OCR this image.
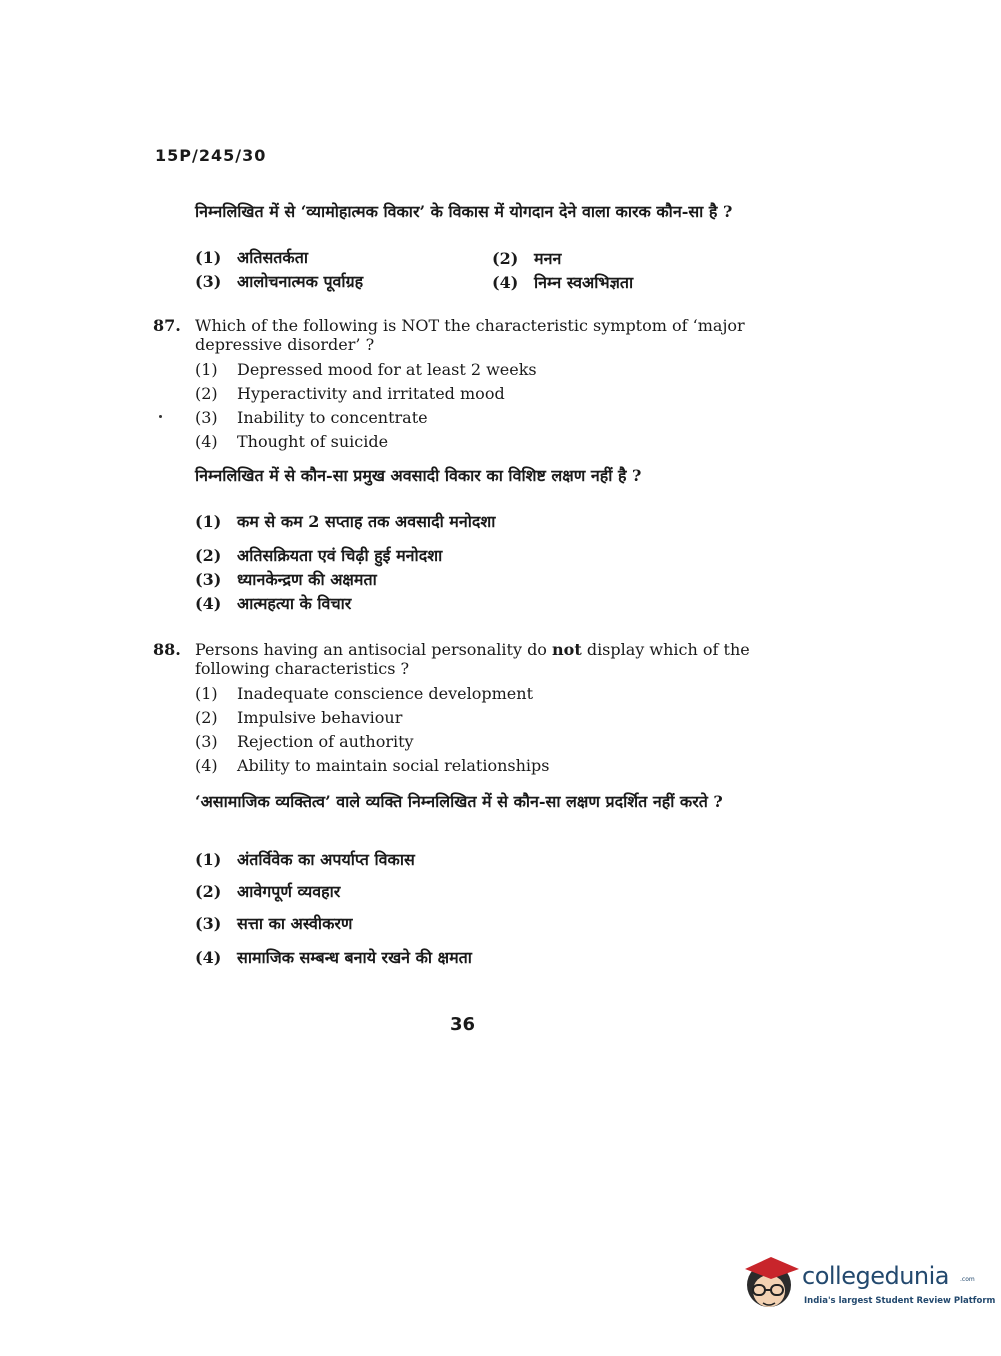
15P/245/30
निम्नलिखित में से ‘व्यामोहात्मक विकार’ के विकास में योगदान देने वाला कारक कौन-सा है ?
(1) अतिसतर्कता	(2) मनन
(3) आलोचनात्मक पूर्वाग्रह	(4) निम्न स्वअभिज्ञता
87. Which of the following is NOT the characteristic symptom of ‘major depressive disorder’ ?
(1) Depressed mood for at least 2 weeks
(2) Hyperactivity and irritated mood
(3) Inability to concentrate
(4) Thought of suicide
निम्नलिखित में से कौन-सा प्रमुख अवसादी विकार का विशिष्ट लक्षण नहीं है ?
(1) कम से कम 2 सप्ताह तक अवसादी मनोदशा
(2) अतिसक्रियता एवं चिढ़ी हुई मनोदशा
(3) ध्यानकेन्द्रण की अक्षमता
(4) आत्महत्या के विचार
88. Persons having an antisocial personality do not display which of the following characteristics ?
(1) Inadequate conscience development
(2) Impulsive behaviour
(3) Rejection of authority
(4) Ability to maintain social relationships
‘असामाजिक व्यक्तित्व’ वाले व्यक्ति निम्नलिखित में से कौन-सा लक्षण प्रदर्शित नहीं करते ?
(1) अंतर्विवेक का अपर्याप्त विकास
(2) आवेगपूर्ण व्यवहार
(3) सत्ता का अस्वीकरण
(4) सामाजिक सम्बन्ध बनाये रखने की क्षमता
36
collegedunia .com
India's largest Student Review Platform
